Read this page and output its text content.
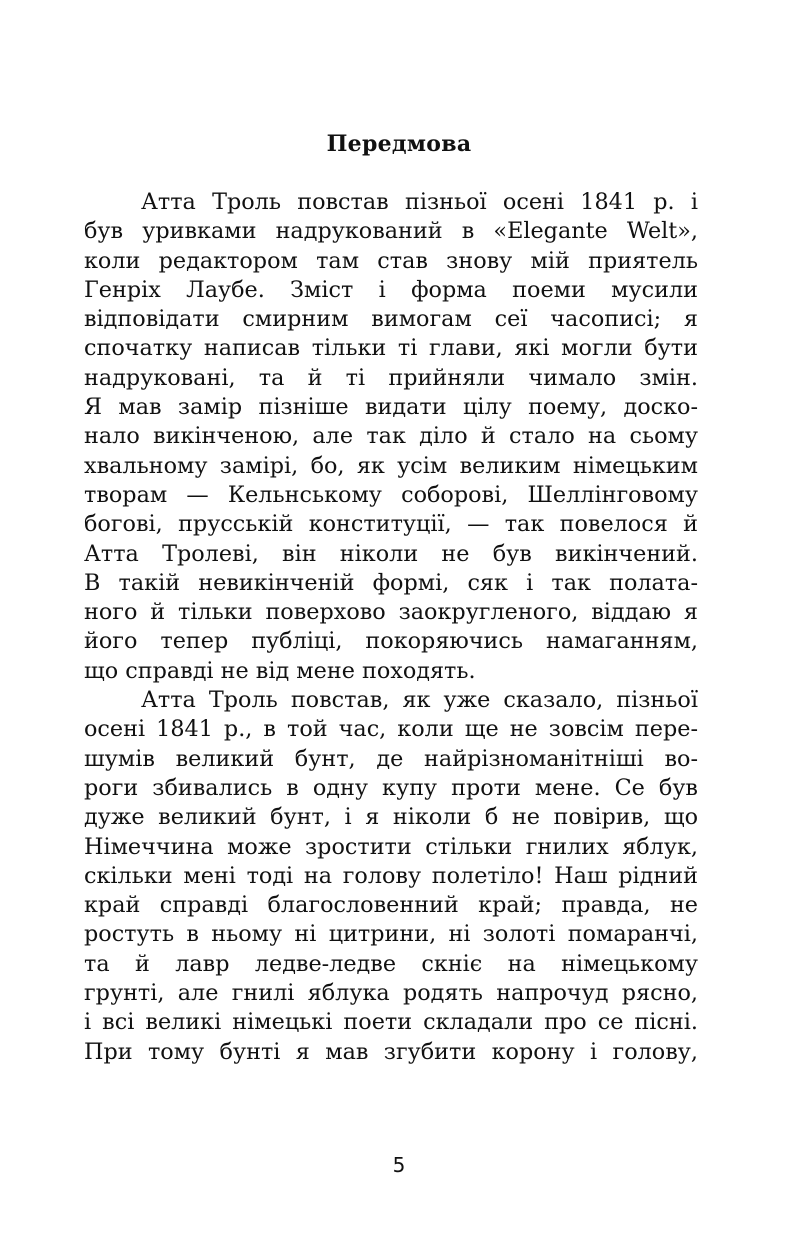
Передмова
Атта Троль повстав пізньої осені 1841 р. і
був уривками надрукований в «Elegante Welt»,
коли редактором там став знову мій приятель
Генріх Лаубе. Зміст і форма поеми мусили
відповідати смирним вимогам сеї часописі; я
спочатку написав тільки ті глави, які могли бути
надруковані, та й ті прийняли чимало змін.
Я мав замір пізніше видати цілу поему, доско-
нало викінченою, але так діло й стало на сьому
хвальному замірі, бо, як усім великим німецьким
творам — Кельнському соборові, Шеллінговому
богові, прусській конституції, — так повелося й
Атта Тролеві, він ніколи не був викінчений.
В такій невикінченій формі, сяк і так полата-
ного й тільки поверхово заокругленого, віддаю я
його тепер публіці, покоряючись намаганням,
що справді не від мене походять.
Атта Троль повстав, як уже сказало, пізньої
осені 1841 р., в той час, коли ще не зовсім пере-
шумів великий бунт, де найрізноманітніші во-
роги збивались в одну купу проти мене. Се був
дуже великий бунт, і я ніколи б не повірив, що
Німеччина може зростити стільки гнилих яблук,
скільки мені тоді на голову полетіло! Наш рідний
край справді благословенний край; правда, не
ростуть в ньому ні цитрини, ні золоті помаранчі,
та й лавр ледве-ледве скніє на німецькому
грунті, але гнилі яблука родять напрочуд рясно,
і всі великі німецькі поети складали про се пісні.
При тому бунті я мав згубити корону і голову,
5
